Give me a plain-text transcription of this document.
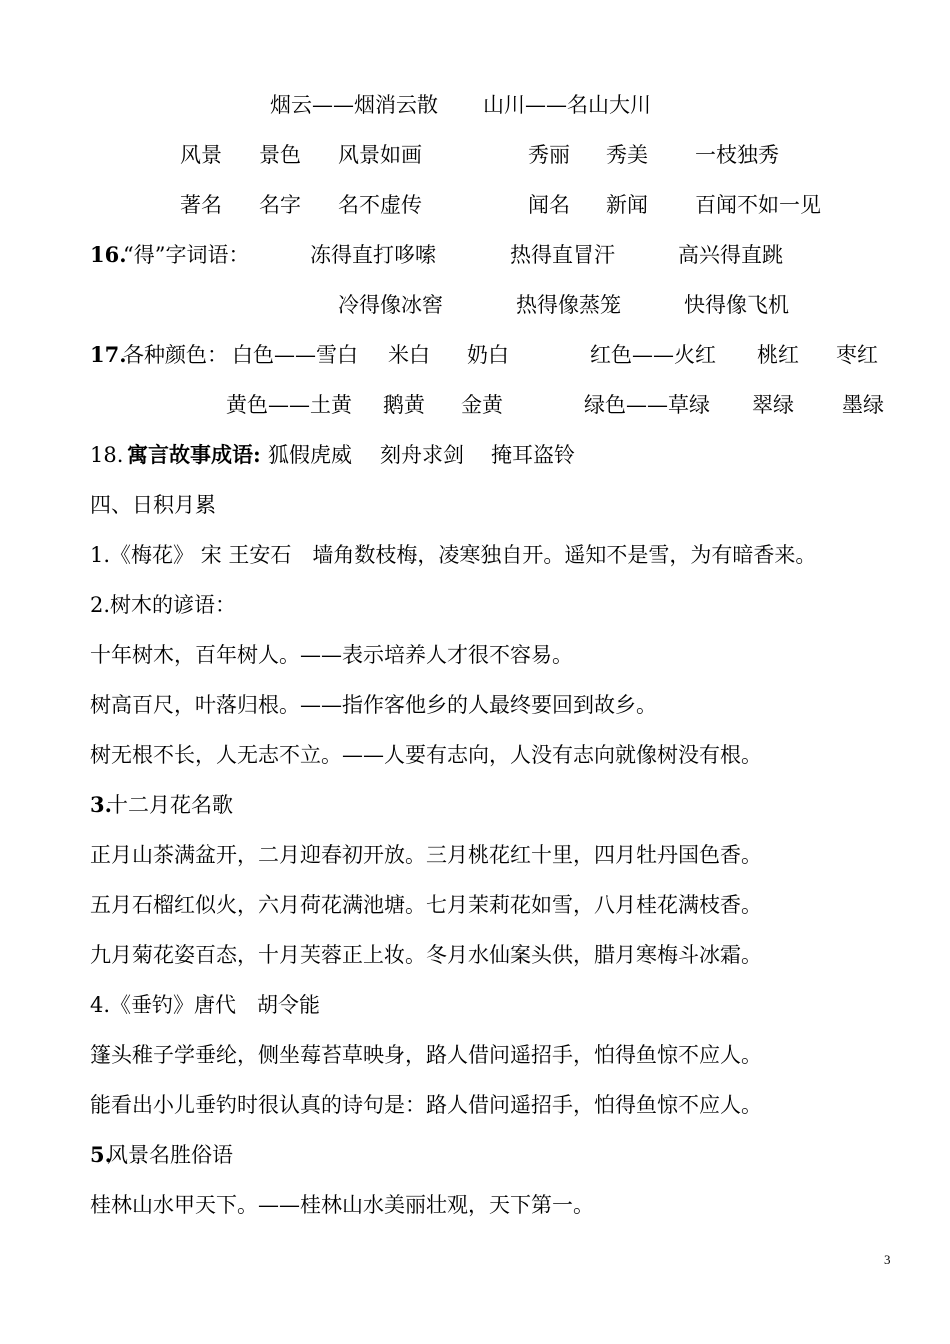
烟云——烟消云散 山川——名山大川
风景 景色 风景如画	秀丽 秀美 一枝独秀
著名 名字 名不虚传	闻名 新闻 百闻不如一见
16.
“得”字词语：	冻得直打哆嗦	热得直冒汗	高兴得直跳
冷得像冰窖	热得像蒸笼	快得像飞机
17.
各种颜色： 白色——雪白 米白 奶白	红色——火红 桃红 枣红
黄色——土黄 鹅黄 金黄	绿色——草绿 翠绿 墨绿
18. 寓言故事成语: 狐假虎威 刻舟求剑 掩耳盗铃
四、日积月累
1.《梅花》 宋 王安石　墙角数枝梅，凌寒独自开。遥知不是雪，为有暗香来。
2.树木的谚语：
十年树木，百年树人。——表示培养人才很不容易。
树高百尺，叶落归根。——指作客他乡的人最终要回到故乡。
树无根不长，人无志不立。——人要有志向，人没有志向就像树没有根。
3.
十二月花名歌
正月山茶满盆开，二月迎春初开放。三月桃花红十里，四月牡丹国色香。
五月石榴红似火，六月荷花满池塘。七月茉莉花如雪，八月桂花满枝香。
九月菊花姿百态，十月芙蓉正上妆。冬月水仙案头供，腊月寒梅斗冰霜。
4.《垂钓》唐代　胡令能
篷头稚子学垂纶，侧坐莓苔草映身，路人借问遥招手，怕得鱼惊不应人。
能看出小儿垂钓时很认真的诗句是：路人借问遥招手，怕得鱼惊不应人。
5.
风景名胜俗语
桂林山水甲天下。——桂林山水美丽壮观，天下第一。
3
